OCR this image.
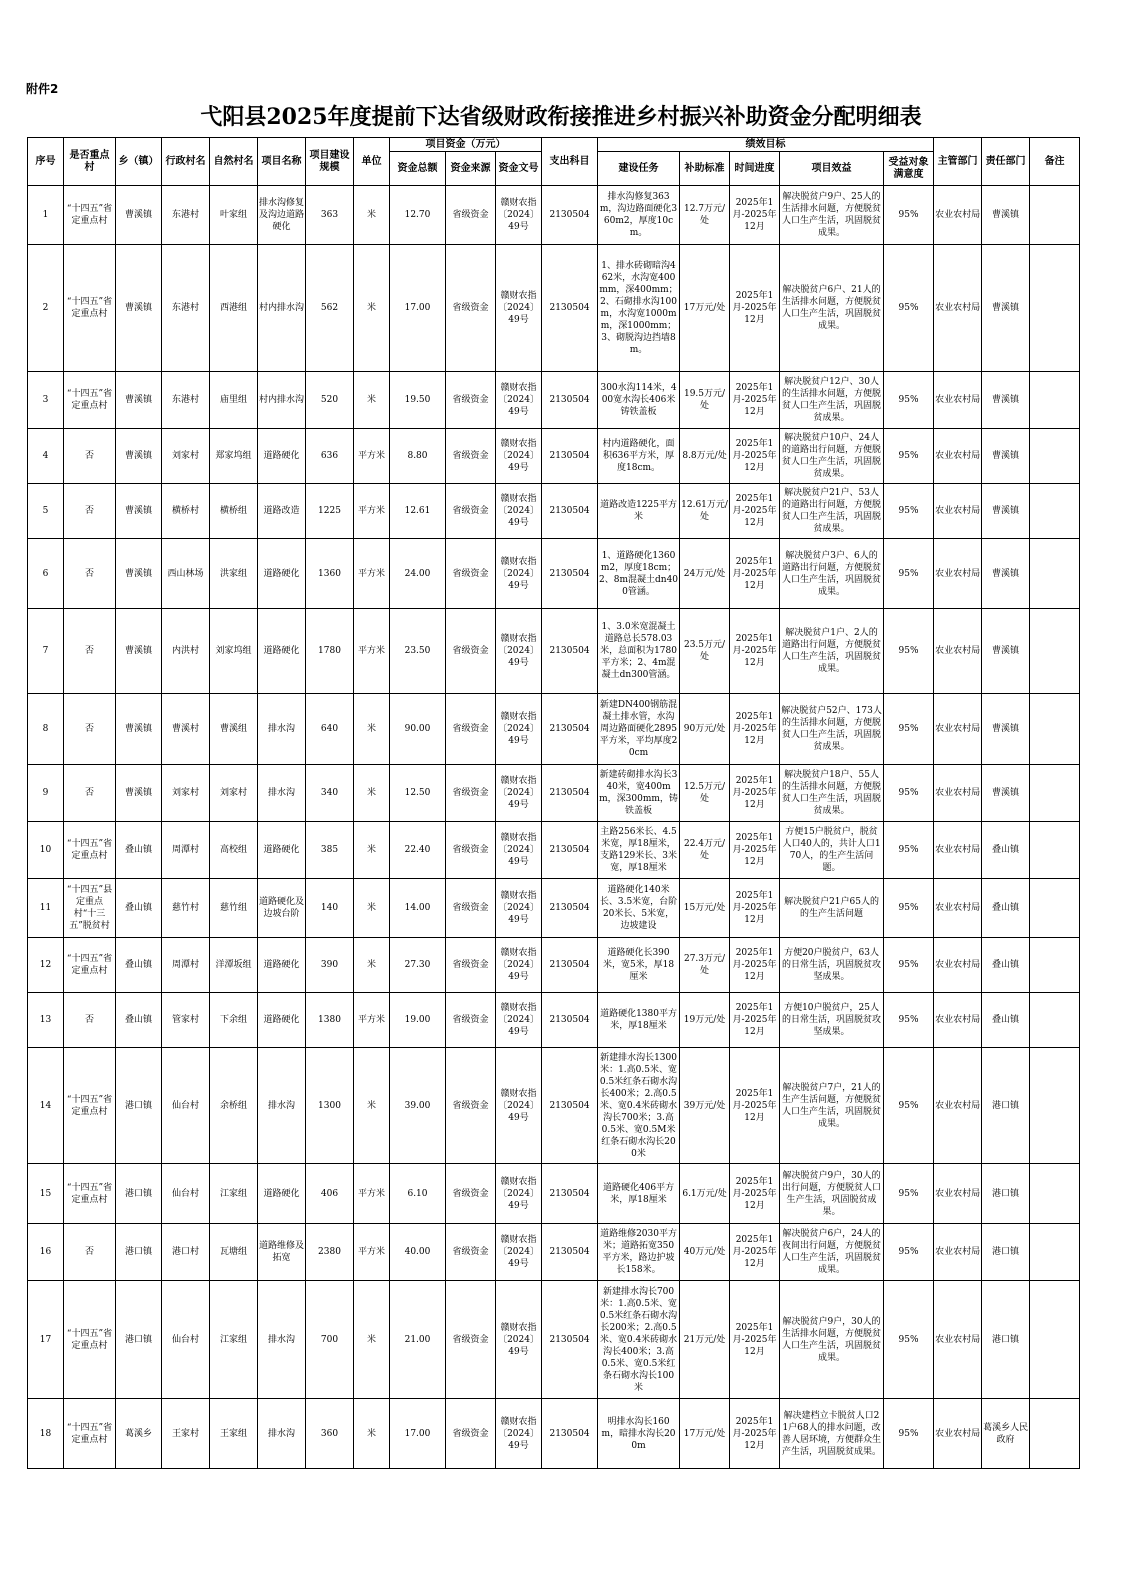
附件2
弋阳县2025年度提前下达省级财政衔接推进乡村振兴补助资金分配明细表
序号	是否重点村	乡（镇）	行政村名	自然村名	项目名称	项目建设规模	单位	项目资金（万元）			支出科目	绩效目标					主管部门	责任部门	备注
								资金总额	资金来源	资金文号		建设任务	补助标准	时间进度	项目效益	受益对象满意度			
1	“十四五”省定重点村	曹溪镇	东港村	叶家组	排水沟修复及沟边道路硬化	363	米	12.70	省级资金	赣财农指〔2024〕49号	2130504	排水沟修复363m，沟边路面硬化360m2，厚度10cm。	12.7万元/处	2025年1月-2025年12月	解决脱贫户9户、25人的生活排水问题，方便脱贫人口生产生活，巩固脱贫成果。	95%	农业农村局	曹溪镇	
2	“十四五”省定重点村	曹溪镇	东港村	西港组	村内排水沟	562	米	17.00	省级资金	赣财农指〔2024〕49号	2130504	1、排水砖砌暗沟462米，水沟宽400mm，深400mm；2、石砌排水沟100m，水沟宽1000mm，深1000mm；3、砌脱沟边挡墙8m。	17万元/处	2025年1月-2025年12月	解决脱贫户6户、21人的生活排水问题，方便脱贫人口生产生活，巩固脱贫成果。	95%	农业农村局	曹溪镇	
3	“十四五”省定重点村	曹溪镇	东港村	庙里组	村内排水沟	520	米	19.50	省级资金	赣财农指〔2024〕49号	2130504	300水沟114米，400宽水沟长406米铸铁盖板	19.5万元/处	2025年1月-2025年12月	解决脱贫户12户、30人的生活排水问题，方便脱贫人口生产生活，巩固脱贫成果。	95%	农业农村局	曹溪镇	
4	否	曹溪镇	刘家村	郑家坞组	道路硬化	636	平方米	8.80	省级资金	赣财农指〔2024〕49号	2130504	村内道路硬化，面积636平方米，厚度18cm。	8.8万元/处	2025年1月-2025年12月	解决脱贫户10户、24人的道路出行问题，方便脱贫人口生产生活，巩固脱贫成果。	95%	农业农村局	曹溪镇	
5	否	曹溪镇	横桥村	横桥组	道路改造	1225	平方米	12.61	省级资金	赣财农指〔2024〕49号	2130504	道路改造1225平方米	12.61万元/处	2025年1月-2025年12月	解决脱贫户21户、53人的道路出行问题，方便脱贫人口生产生活，巩固脱贫成果。	95%	农业农村局	曹溪镇	
6	否	曹溪镇	西山林场	洪家组	道路硬化	1360	平方米	24.00	省级资金	赣财农指〔2024〕49号	2130504	1、道路硬化1360m2，厚度18cm；2、8m混凝土dn400管涵。	24万元/处	2025年1月-2025年12月	解决脱贫户3户、6人的道路出行问题，方便脱贫人口生产生活，巩固脱贫成果。	95%	农业农村局	曹溪镇	
7	否	曹溪镇	内洪村	刘家坞组	道路硬化	1780	平方米	23.50	省级资金	赣财农指〔2024〕49号	2130504	1、3.0米宽混凝土道路总长578.03米，总面积为1780平方米；2、4m混凝土dn300管涵。	23.5万元/处	2025年1月-2025年12月	解决脱贫户1户、2人的道路出行问题，方便脱贫人口生产生活，巩固脱贫成果。	95%	农业农村局	曹溪镇	
8	否	曹溪镇	曹溪村	曹溪组	排水沟	640	米	90.00	省级资金	赣财农指〔2024〕49号	2130504	新建DN400钢筋混凝土排水管，水沟周边路面硬化2895平方米，平均厚度20cm	90万元/处	2025年1月-2025年12月	解决脱贫户52户、173人的生活排水问题，方便脱贫人口生产生活，巩固脱贫成果。	95%	农业农村局	曹溪镇	
9	否	曹溪镇	刘家村	刘家村	排水沟	340	米	12.50	省级资金	赣财农指〔2024〕49号	2130504	新建砖砌排水沟长340米，宽400mm，深300mm，铸铁盖板	12.5万元/处	2025年1月-2025年12月	解决脱贫户18户、55人的生活排水问题，方便脱贫人口生产生活，巩固脱贫成果。	95%	农业农村局	曹溪镇	
10	“十四五”省定重点村	叠山镇	周潭村	高校组	道路硬化	385	米	22.40	省级资金	赣财农指〔2024〕49号	2130504	主路256米长、4.5米宽，厚18厘米，支路129米长、3米宽，厚18厘米	22.4万元/处	2025年1月-2025年12月	方便15户脱贫户，脱贫人口40人的，共计人口170人，的生产生活问题。	95%	农业农村局	叠山镇	
11	“十四五”县定重点村“十三五”脱贫村	叠山镇	慈竹村	慈竹组	道路硬化及边坡台阶	140	米	14.00	省级资金	赣财农指〔2024〕49号	2130504	道路硬化140米长、3.5米宽，台阶20米长、5米宽，边坡建设	15万元/处	2025年1月-2025年12月	解决脱贫户21户65人的的生产生活问题	95%	农业农村局	叠山镇	
12	“十四五”省定重点村	叠山镇	周潭村	洋潭坂组	道路硬化	390	米	27.30	省级资金	赣财农指〔2024〕49号	2130504	道路硬化长390米，宽5米，厚18厘米	27.3万元/处	2025年1月-2025年12月	方便20户脱贫户，63人的日常生活，巩固脱贫攻坚成果。	95%	农业农村局	叠山镇	
13	否	叠山镇	管家村	下余组	道路硬化	1380	平方米	19.00	省级资金	赣财农指〔2024〕49号	2130504	道路硬化1380平方米，厚18厘米	19万元/处	2025年1月-2025年12月	方便10户脱贫户，25人的日常生活，巩固脱贫攻坚成果。	95%	农业农村局	叠山镇	
14	“十四五”省定重点村	港口镇	仙台村	余桥组	排水沟	1300	米	39.00	省级资金	赣财农指〔2024〕49号	2130504	新建排水沟长1300米：1.高0.5米、宽0.5米红条石砌水沟长400米；2.高0.5米、宽0.4米砖砌水沟长700米；3.高0.5米、宽0.5M米红条石砌水沟长200米	39万元/处	2025年1月-2025年12月	解决脱贫户7户，21人的生产生活问题，方便脱贫人口生产生活，巩固脱贫成果。	95%	农业农村局	港口镇	
15	“十四五”省定重点村	港口镇	仙台村	江家组	道路硬化	406	平方米	6.10	省级资金	赣财农指〔2024〕49号	2130504	道路硬化406平方米，厚18厘米	6.1万元/处	2025年1月-2025年12月	解决脱贫户9户，30人的出行问题，方便脱贫人口生产生活，巩固脱贫成果。	95%	农业农村局	港口镇	
16	否	港口镇	港口村	瓦塘组	道路维修及拓宽	2380	平方米	40.00	省级资金	赣财农指〔2024〕49号	2130504	道路维修2030平方米；道路拓宽350平方米，路边护坡长158米。	40万元/处	2025年1月-2025年12月	解决脱贫户6户，24人的夜间出行问题，方便脱贫人口生产生活，巩固脱贫成果。	95%	农业农村局	港口镇	
17	“十四五”省定重点村	港口镇	仙台村	江家组	排水沟	700	米	21.00	省级资金	赣财农指〔2024〕49号	2130504	新建排水沟长700米：1.高0.5米、宽0.5米红条石砌水沟长200米；2.高0.5米、宽0.4米砖砌水沟长400米；3.高0.5米、宽0.5米红条石砌水沟长100米	21万元/处	2025年1月-2025年12月	解决脱贫户9户，30人的生活排水问题，方便脱贫人口生产生活，巩固脱贫成果。	95%	农业农村局	港口镇	
18	“十四五”省定重点村	葛溪乡	王家村	王家组	排水沟	360	米	17.00	省级资金	赣财农指〔2024〕49号	2130504	明排水沟长160m，暗排水沟长200m	17万元/处	2025年1月-2025年12月	解决建档立卡脱贫人口21户68人的排水问题，改善人居环境，方便群众生产生活，巩固脱贫成果。	95%	农业农村局	葛溪乡人民政府	
